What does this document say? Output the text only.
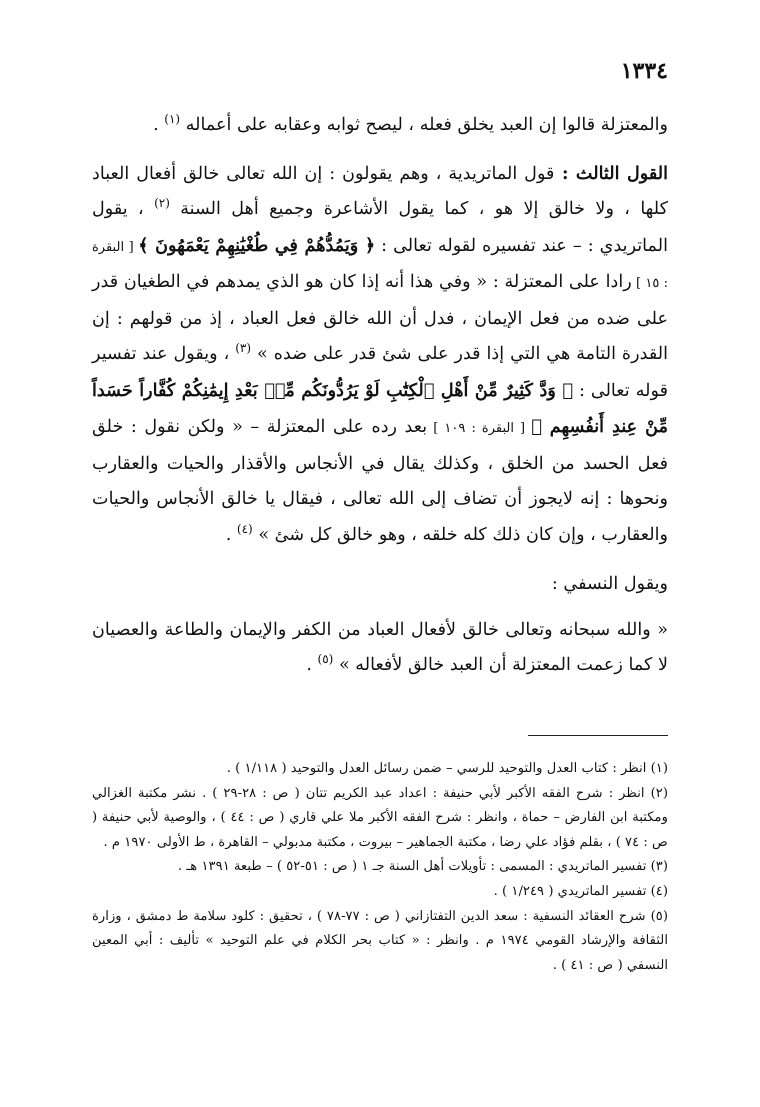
١٣٣٤

والمعتزلة قالوا إن العبد يخلق فعله ، ليصح ثوابه وعقابه على أعماله $^{(١)}$ .

القول الثالث : قول الماتريدية ، وهم يقولون : إن الله تعالى خالق أفعال العباد كلها ، ولا خالق إلا هو ، كما يقول الأشاعرة وجميع أهل السنة $^{(٢)}$ ، يقول الماتريدي : – عند تفسيره لقوله تعالى : ﴿ وَيَمُدُّهُمْ فِي طُغْيَٰنِهِمْ يَعْمَهُونَ ﴾ [ البقرة : ١٥ ] رادا على المعتزلة : « وفي هذا أنه إذا كان هو الذي يمدهم في الطغيان قدر على ضده من فعل الإيمان ، فدل أن الله خالق فعل العباد ، إذ من قولهم : إن القدرة التامة هي التي إذا قدر على شئ قدر على ضده » $^{(٣)}$ ، ويقول عند تفسير قوله تعالى : ﴿ وَدَّ كَثِيرٌ مِّنْ أَهْلِ ٱلْكِتَٰبِ لَوْ يَرُدُّونَكُم مِّنۢ بَعْدِ إِيمَٰنِكُمْ كُفَّاراً حَسَداً مِّنْ عِندِ أَنفُسِهِم ﴾ [ البقرة : ١٠٩ ] بعد رده على المعتزلة – « ولكن نقول : خلق فعل الحسد من الخلق ، وكذلك يقال في الأنجاس والأقذار والحيات والعقارب ونحوها : إنه لايجوز أن تضاف إلى الله تعالى ، فيقال يا خالق الأنجاس والحيات والعقارب ، وإن كان ذلك كله خلقه ، وهو خالق كل شئ » $^{(٤)}$ .

ويقول النسفي :

« والله سبحانه وتعالى خالق لأفعال العباد من الكفر والإيمان والطاعة والعصيان لا كما زعمت المعتزلة أن العبد خالق لأفعاله » $^{(٥)}$ .

(١) انظر : كتاب العدل والتوحيد للرسي – ضمن رسائل العدل والتوحيد ( ١/١١٨ ) .

(٢) انظر : شرح الفقه الأكبر لأبي حنيفة : اعداد عبد الكريم تتان ( ص : ٢٨-٢٩ ) . نشر مكتبة الغزالي ومكتبة ابن الفارض – حماة ، وانظر : شرح الفقه الأكبر ملا علي قاري ( ص : ٤٤ ) ، والوصية لأبي حنيفة ( ص : ٧٤ ) ، بقلم فؤاد علي رضا ، مكتبة الجماهير – بيروت ، مكتبة مدبولي – القاهرة ، ط الأولى ١٩٧٠ م .

(٣) تفسير الماتريدي : المسمى : تأويلات أهل السنة جـ ١ ( ص : ٥١-٥٢ ) – طبعة ١٣٩١ هـ .

(٤) تفسير الماتريدي ( ١/٢٤٩ ) .

(٥) شرح العقائد النسفية : سعد الدين التفتازاني ( ص : ٧٧-٧٨ ) ، تحقيق : كلود سلامة ط دمشق ، وزارة الثقافة والإرشاد القومي ١٩٧٤ م . وانظر : « كتاب بحر الكلام في علم التوحيد » تأليف : أبي المعين النسفي ( ص : ٤١ ) .
